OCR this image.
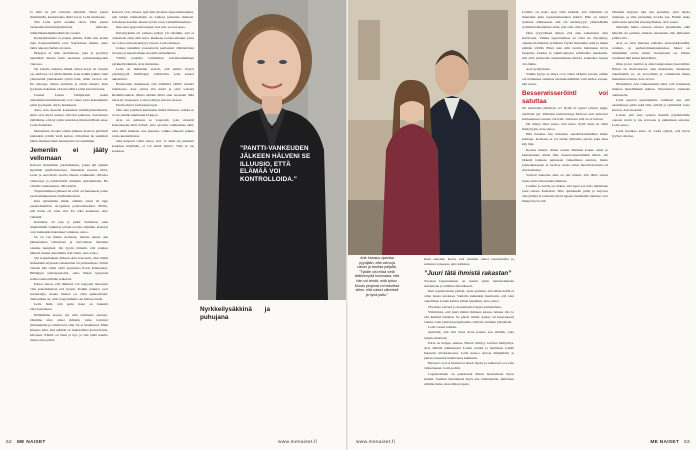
ia sillä ne jää vahvasti muistiin. Siinä joutui miettimään, kannattaako tämä vai ei, Leila muistelee.

Sitä Leila pohti erenkin ollen. Hun joutui tarinaanhavleinnittyksiltiolata tuilledeo tuhdeltikokemplikatinmolle vuoksi.

Kompilisatioina ei paljon puhuta. Eihä sitä, koska nuja hoteessamisiltä ovat. Sairaalassa mietin, onko tämä oikeasti hallen arvoista.

Helppoa ei ollut Arellaltaan, joka ei pystynyt tekemään muuta kuin tuomaan sairaalaasingoiksi vierossa.

On todella raskasta nähdä, miten korja oli toisella on, eikä itse voi tehdä mitään. Kun kaikki jatkuu vielä yhtessesitä päätöksenä ryttää laita, tuller avoton oli. En uskonyt, miten auttaisin ja olisin tukena. Kun fyysinen kokemus oli kasvoihin Leilan kasvattavana.

Lisäksi Leilan lähipiirissä kaksi endometriosisellekanaita ovat olleet josta kokemuksia paini fyysisesti, myös henkisesti.

Aina, kun meaella koukeman lisääntymisellisessä, siinä ovat myös tunteet vahvasti pinnassa. Sairaalassa täältäänne, että nyt päin vaaloittaa ilmavelvälisiä asiaa, Leila muistelee.

Muutaman vuoden taman jälkeen Kalevat päättivät kuitenkin yrittää vielä kerran. Olivathan he sattimutt läiten maksuttoman hauusteista arvonsimiinn.

Jemenlin ei jääty vellomaan

Kalevat molemmat parisuhtamaa, jossta Aji Quintä sijetimät parittomaistaan. Jemennäs vuonna 2012, Leila ja Arevärsin awella uhassa toukkeella villaatta omatarsaa ja tehtävistään Jemenin uytiatelmalle. He virittäti vankeudessa 180 päivää.

Vapauttuminen jälkeen he eivät oli hakanneet palua paattvahankeessen yhdistelmostelu.

Kun palasimme siintä, olimme olleet tai tajja puolkohtumisla Al-Qaidan paattvahateiden. Pittiin, että halua oli vaha sitä. En edes koskenut, Arte vehättiä.

Kokemas oli raju ja pitkä. Sellainen, joka räteilemiiltä vaikuttaa jollain tavalla eläämän. Kalevat ovat kuitenkin hakanneet vakkaan, aaloo.

Se on vas hänen tuomaan, mentia ennen oke jäänerttailen vellomaan ja vatvomaan. Ouenhei olenme hengissä. On hyvin tärkeää, että asiaksa jälkeen tuntuu ennemmin arki sitten, Arte sanoo.

Siri kokemuksen jälkeen Arte haaveani, ettei häntä mitenkään ertyisesti rahaunnien tai pariisaisissa. Silleit olisaan hän toimi vielä apuverina Poeis Prikaatissa. Häänkyyi sotilaspasioitta, onko hänen tyyteessä realitoonana mitään erikoista.

Pantsi aanon, että ihminen voi rasgoitia tuuraaten vina kokemaksista evä tyraen. Kaikki reaktiot ovat normaaleja, koska tilanne on ollut epänormaali. Taharahuki on, ettei reagoinminta ole haittaa tuelle.

Leila lisää, että pariu haen on hukastä taloviaisudessa.

Elämämme kootsa nyt niin erilaisista asioista. Olemme aina olleet ihmisiä, jotka tarttuvat tilaisuuksiin ja sahaittavat elää. Se ei muuttunut. Ehkä illuusio siitä, että elämää on mahdollista kontrolloida, halvenei. Elämä on tässä ja nyt, ja sitä pitää nauttia nautia joka päivä.

Kalevat ovat olineet, lejit niin monista lapsettomuudesta, että niiden lohmanttäin on vaikeaa palauttaa mieleen. Joltaiseen kouden akseen syvisi toive vanhemmuudesta.

Kun suut perjotaluvuttajen taas tuli, se tosi lapsa.

Pettymyksiin oli vaikeaa pääsyt yli silsalkin, että ei olleestaan ollut, miti surra. Ruskean ei edes alkanut, joten ne voisat surta menestyyi vuossa, Leila muistaa.

Joskus tuntuihin vaastettavia parhaaturi vähtäsiöiden ritoalaa ja lapsettomuus koetteli parisuhdetta.

Välillä joukista toimimaan kuramaumällenet nyrkkeilysäkkinä, Arte muistelee.

Leila on huihlunut arvioit, että kiellta lisytyi yanmisyyttä mitälöajon vaihtavilla, joila hoidot aiheuttivat.

Hormonien mukaisesti että elämästä välillä toiselta tuntakosta. Arte omasi sila lensä ja oitta vastaan Rtsikutivanitan. Mutta mitään minä olen suosenut tällä nisaa ky teaapasen. Leila pohtij ja katosoi Arteaa.

Puolisoltyöä vasttaaleen kysi.

Olet aina pohtinut kunsasnut mintä minoten, vaikka se ei ole sinulle kuuluunut helppoa.

Arte on suhtessa se vaapaolii, joka ulottelii kokoukselle mitti halleli. Arte aevaiau vaimoumaa siitä, ettei tämä mukaan oisa juusttaa, vaikka aiheesta puhuu toisia kuulemistasa.

Olet helposti vaitei sanoa, että “et aindi ole juumant koskissa käymään, et voi tietää minta”. Niin ei ole koskaan.	”PANTTI-VANKEUDEN JÄLKEEN HÄLVENI SE ILLUUSIO, ETTÄ ELÄMÄÄ VOI KONTROLLOIDA.”
Nyrkkeilysäkkinä ja puhujana
62 ME NAISET	www.menaiset.fi
Arte halusuo ojasitaa pyydjään, että vahvuja naiset ja tarvitsa paljaltä. ”Tytiäte olsi ehkä vielä täilekrimpää huomaata, että hän voi tehdä, mitä tyttoo. Muutu perjanat voi tasoittaa sitten, että naiset oilimiiselt ja hyvä paltu.”

kaan sanonut. Koen, että olemme olleet tasavertaisia ja samassa veneessa, Arte kiittelee.

”Juuri tätä ihmistä rakastan”

Vuosien lapsettomuus on saanut parin tarkastelemaan suhdettaan ja elämää refleddisesti.

Kun lapsettomuus pitittyi, aloin ajattelia, että eihän heillä ei ollen lapsia tulekaan. Samalla kuitenkin huomasin, että olen onnellinen Leilan kanssa ilman lapsiakin, Arte sanoo.

Otvallisa vaivusi jo monenlaisia lapsia parisuhdetta.

Ymmärsin, että juuri tämän ihmisen kanssa haluan olla ja että ihmisiä tehdaan. Se yhteis riittää. Ajatus oli kuopaneesti vaikka valai yhtessä pettymyksiä, sillä me olemme yhteshenä.

Leila vastaa samoin.

Ajattelin, että olin Juuri Aron kanssa sen elämän, joka tunsin annattani.

Paria on helppo seukaa. Heistä välittyy selvästi hinttymys. Arte sähttää silmäensetä Leilan sotkkä ja hehmeeri tomän huonetta nivalaansossa. Leila katsoo Arteaa lämpimästi ja jatkaa toiseensä mukavansa kaikkella.

Haaveet ovat ta hiaanavat niveli lapsia ja suhtoreen voi vain vaikuttaneet, Leila pohtii.

Lapsettomuus on pakottanut minut haastamaan myös itseäni. Joutikin miettimaan myös sen vaihtoehdon, millainen elämän halua ottaa ilman lapsia.

Leilalle on koko ajan ollut tärkeää, että elämässä on muutakin kuin lapsettomuuuden kuulat. Hän on tehnyt urallaan elämassaan siin ole kielistyyyyt yhdessäkään tyrimahdollisuudesta siinä, että olisi ollut ollea.

Olen tyytyväinen siihen, että olen saikaltanut ollat kerfavassi. Vaikka lapsettomuus on ollut iso miydyksy, olenme molemmat yrittäneet löytää halutumia sekä ja muun elämän välillä. Ehkä olen sillä tavalla hahmunut myös tasapulja loskien ja saikilvannaeet sellaistella aineksella, että olisi jonnkolin onnistamiseen mittari, saamasko lapsen vai emme.

Arte nyökyttelee.

Vaikka kyyys ja ahtys ovat olleet tärkeitä asioita, emme ole halunneet rakentaa identiteettiämme vain niiden varaan, hän sanoo.

Besserwisseröinti voi satuttaa

No miksiedas jäkihteen ei? Kyllä ne lapset eliviset lapja, miettivät nyt. Tällaista kommentteja Kalevat ovat tottuneet kohtaamaan vuosien varrella. Johamen että on se tuttuot.

Ön tehnyt miel sanoo, että luulo, hyllä tässä on välin mielyttyjin, Arte sanoo.

Hän huomaa itse tulleensa sensitiivisemmäksi muita kohtaan. Koskaan ei voi tietää, millaisia asioita joku muu käy läpi.

Koetaa mietiä, miten toinen ihminen kokee asian ja kannattaisko mitan tulla besserwisseröimään siihen. On tärkeää tajuusaa puhuasan vaikeimista asioista, mutta konkalksessaan ei tarvitse tuoda omaa moraliostoitaan tai moraalisensa.

Vanvan laskettes aika on siis tärkeä, että lähtö saisaa lasen santa tulla kaakta ihmisse.

Leilalle ja Arelle on tärkeä, että lapsi saa tulla muitmaan jossi omasa itsensäan. Sille ajatukselle pitää ja tarjoava antoysäänä ja tomaalia myös lapsen itsenäisille kehmaa ovat ihmeet hyvä että.

Olemme köyyset läpi sen ajattelun, ettei lapsia tulekaan, ja sille parisuhde loveita sen. Emme laske enää usein neuvilla kaveanyhtekus, Arte sanoo.

Onnisme hänet vastaan omasta yksilönään, eikä hänellä ole pedasta omissia oikastuuia sitä, millainen pitäisi olla.

Arte on ollut mukana jokisella neuvolakäynnillä, tottakin, ja perhevalmennuskusissa hänet on tiheämmin otettu vuistu vierautteeni on, mitten vastaisen hän kunni huolehtian.

Olen ja nat vierittsi ja ehin lanaptoinent haavoillmi, Ellissi on mastontaessi aina mukanaan. Ihaiansan rekeimatkin no on ervoollisiä ja vaminnaiti miten ihenemaroe kituu, Arte arvioi.

Molemmat ovat vakuuttuneita siitä, että vanemuus muutaa molemlinkin kaiken. Varautuuvat ottamaan onnisteella.

Leila sportaa lapsellemme vammasi sen, että aiodemassa pitää sekä tiitä, selkää ja ryhmistää vasta kasvaa, Arte tiesettiä.

Lokon, että Arte opettaa meidän pyhmäölöme onnaan avoin ja rau arvoteen ja puhumaan asioista, Leila sanoo.

Leila huolkaa asiaa on varka epitiyl, että myös lyylisy oilettaa.

www.menaiset.fi	ME NAISET 63
